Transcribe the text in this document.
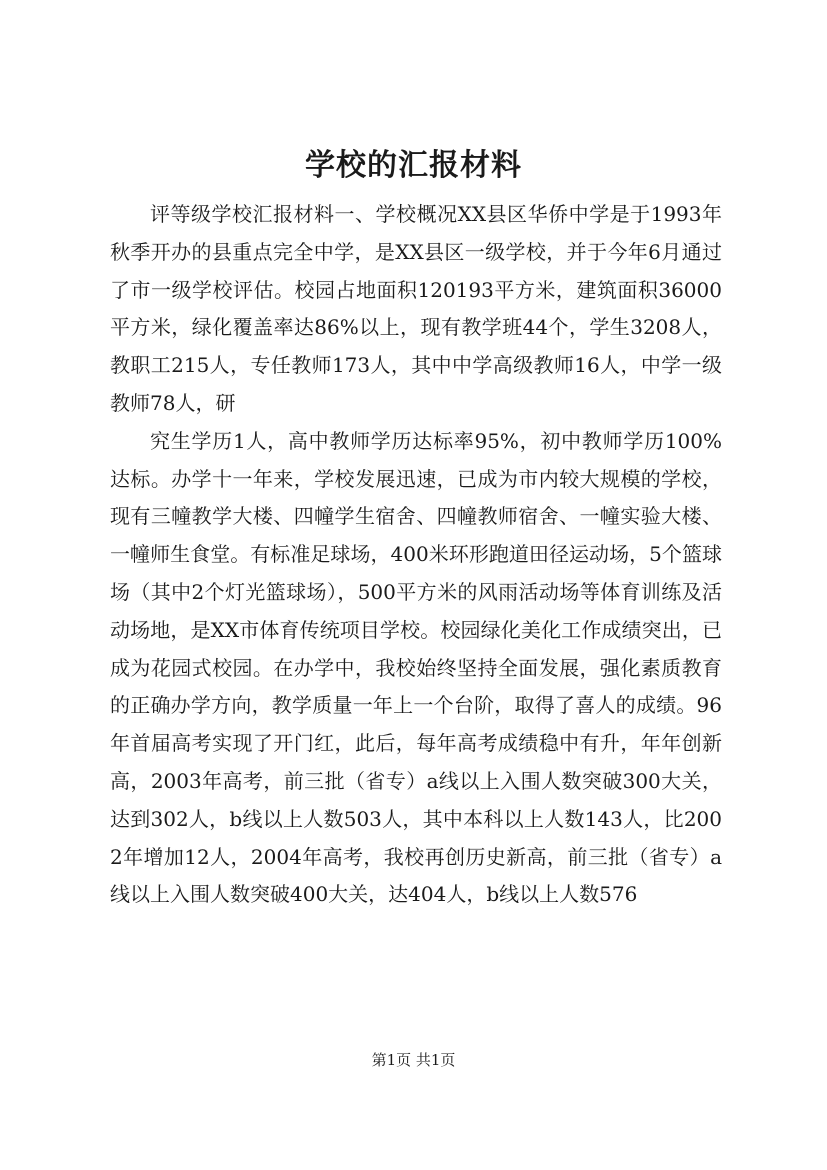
学校的汇报材料

评等级学校汇报材料一、学校概况XX县区华侨中学是于1993年秋季开办的县重点完全中学，是XX县区一级学校，并于今年6月通过了市一级学校评估。校园占地面积120193平方米，建筑面积36000平方米，绿化覆盖率达86%以上，现有教学班44个，学生3208人，教职工215人，专任教师173人，其中中学高级教师16人，中学一级教师78人，研

究生学历1人，高中教师学历达标率95%，初中教师学历100%达标。办学十一年来，学校发展迅速，已成为市内较大规模的学校，现有三幢教学大楼、四幢学生宿舍、四幢教师宿舍、一幢实验大楼、一幢师生食堂。有标准足球场，400米环形跑道田径运动场，5个篮球场（其中2个灯光篮球场），500平方米的风雨活动场等体育训练及活动场地，是XX市体育传统项目学校。校园绿化美化工作成绩突出，已成为花园式校园。在办学中，我校始终坚持全面发展，强化素质教育的正确办学方向，教学质量一年上一个台阶，取得了喜人的成绩。96年首届高考实现了开门红，此后，每年高考成绩稳中有升，年年创新高，2003年高考，前三批（省专）a线以上入围人数突破300大关，达到302人，b线以上人数503人，其中本科以上人数143人，比2002年增加12人，2004年高考，我校再创历史新高，前三批（省专）a线以上入围人数突破400大关，达404人，b线以上人数576

第1页 共1页
